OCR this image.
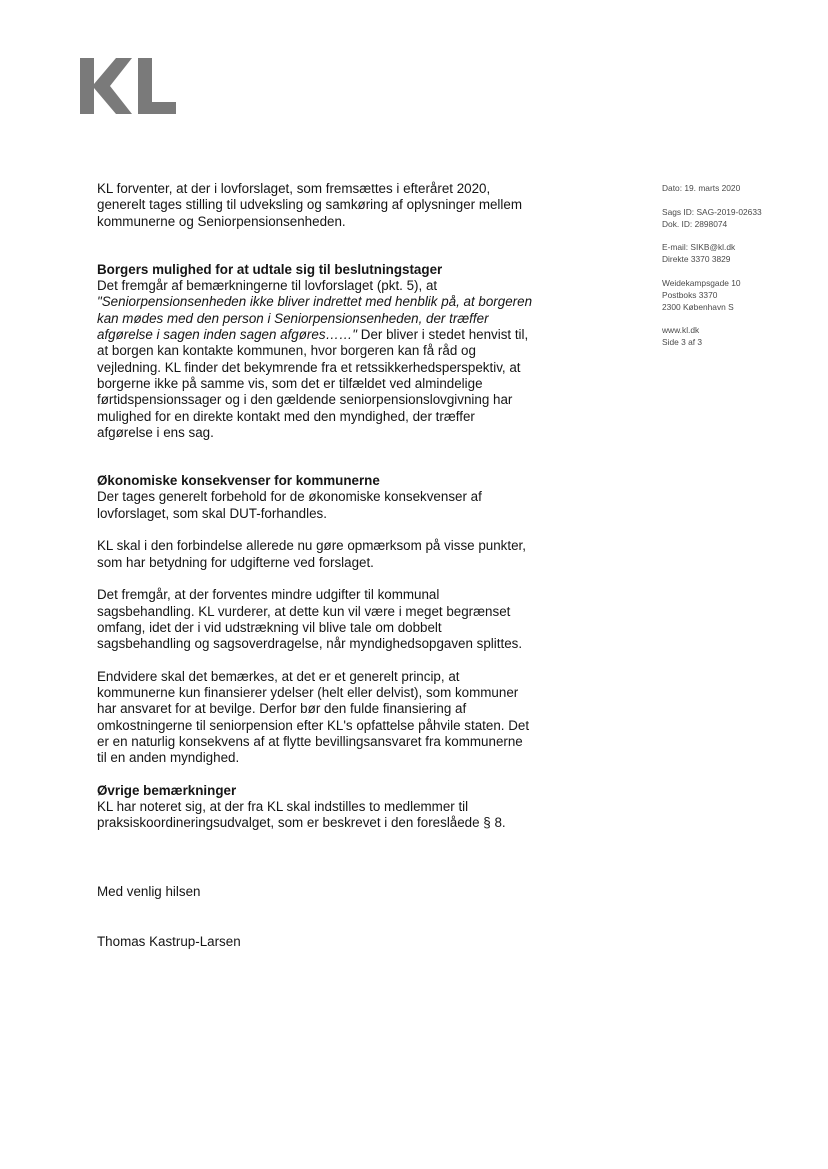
Dato: 19. marts 2020
Sags ID: SAG-2019-02633
Dok. ID: 2898074
E-mail: SIKB@kl.dk
Direkte 3370 3829
Weidekampsgade 10
Postboks 3370
2300 København S
www.kl.dk
Side 3 af 3

KL forventer, at der i lovforslaget, som fremsættes i efteråret 2020,
generelt tages stilling til udveksling og samkøring af oplysninger mellem
kommunerne og Seniorpensionsenheden.

Borgers mulighed for at udtale sig til beslutningstager

Det fremgår af bemærkningerne til lovforslaget (pkt. 5), at
"Seniorpensionsenheden ikke bliver indrettet med henblik på, at borgeren
kan mødes med den person i Seniorpensionsenheden, der træffer
afgørelse i sagen inden sagen afgøres……" Der bliver i stedet henvist til,
at borgen kan kontakte kommunen, hvor borgeren kan få råd og
vejledning. KL finder det bekymrende fra et retssikkerhedsperspektiv, at
borgerne ikke på samme vis, som det er tilfældet ved almindelige
førtidspensionssager og i den gældende seniorpensionslovgivning har
mulighed for en direkte kontakt med den myndighed, der træffer
afgørelse i ens sag.

Økonomiske konsekvenser for kommunerne

Der tages generelt forbehold for de økonomiske konsekvenser af
lovforslaget, som skal DUT-forhandles.

KL skal i den forbindelse allerede nu gøre opmærksom på visse punkter,
som har betydning for udgifterne ved forslaget.

Det fremgår, at der forventes mindre udgifter til kommunal
sagsbehandling. KL vurderer, at dette kun vil være i meget begrænset
omfang, idet der i vid udstrækning vil blive tale om dobbelt
sagsbehandling og sagsoverdragelse, når myndighedsopgaven splittes.

Endvidere skal det bemærkes, at det er et generelt princip, at
kommunerne kun finansierer ydelser (helt eller delvist), som kommuner
har ansvaret for at bevilge. Derfor bør den fulde finansiering af
omkostningerne til seniorpension efter KL's opfattelse påhvile staten. Det
er en naturlig konsekvens af at flytte bevillingsansvaret fra kommunerne
til en anden myndighed.

Øvrige bemærkninger

KL har noteret sig, at der fra KL skal indstilles to medlemmer til
praksiskoordineringsudvalget, som er beskrevet i den foreslåede § 8.

Med venlig hilsen
Thomas Kastrup-Larsen
